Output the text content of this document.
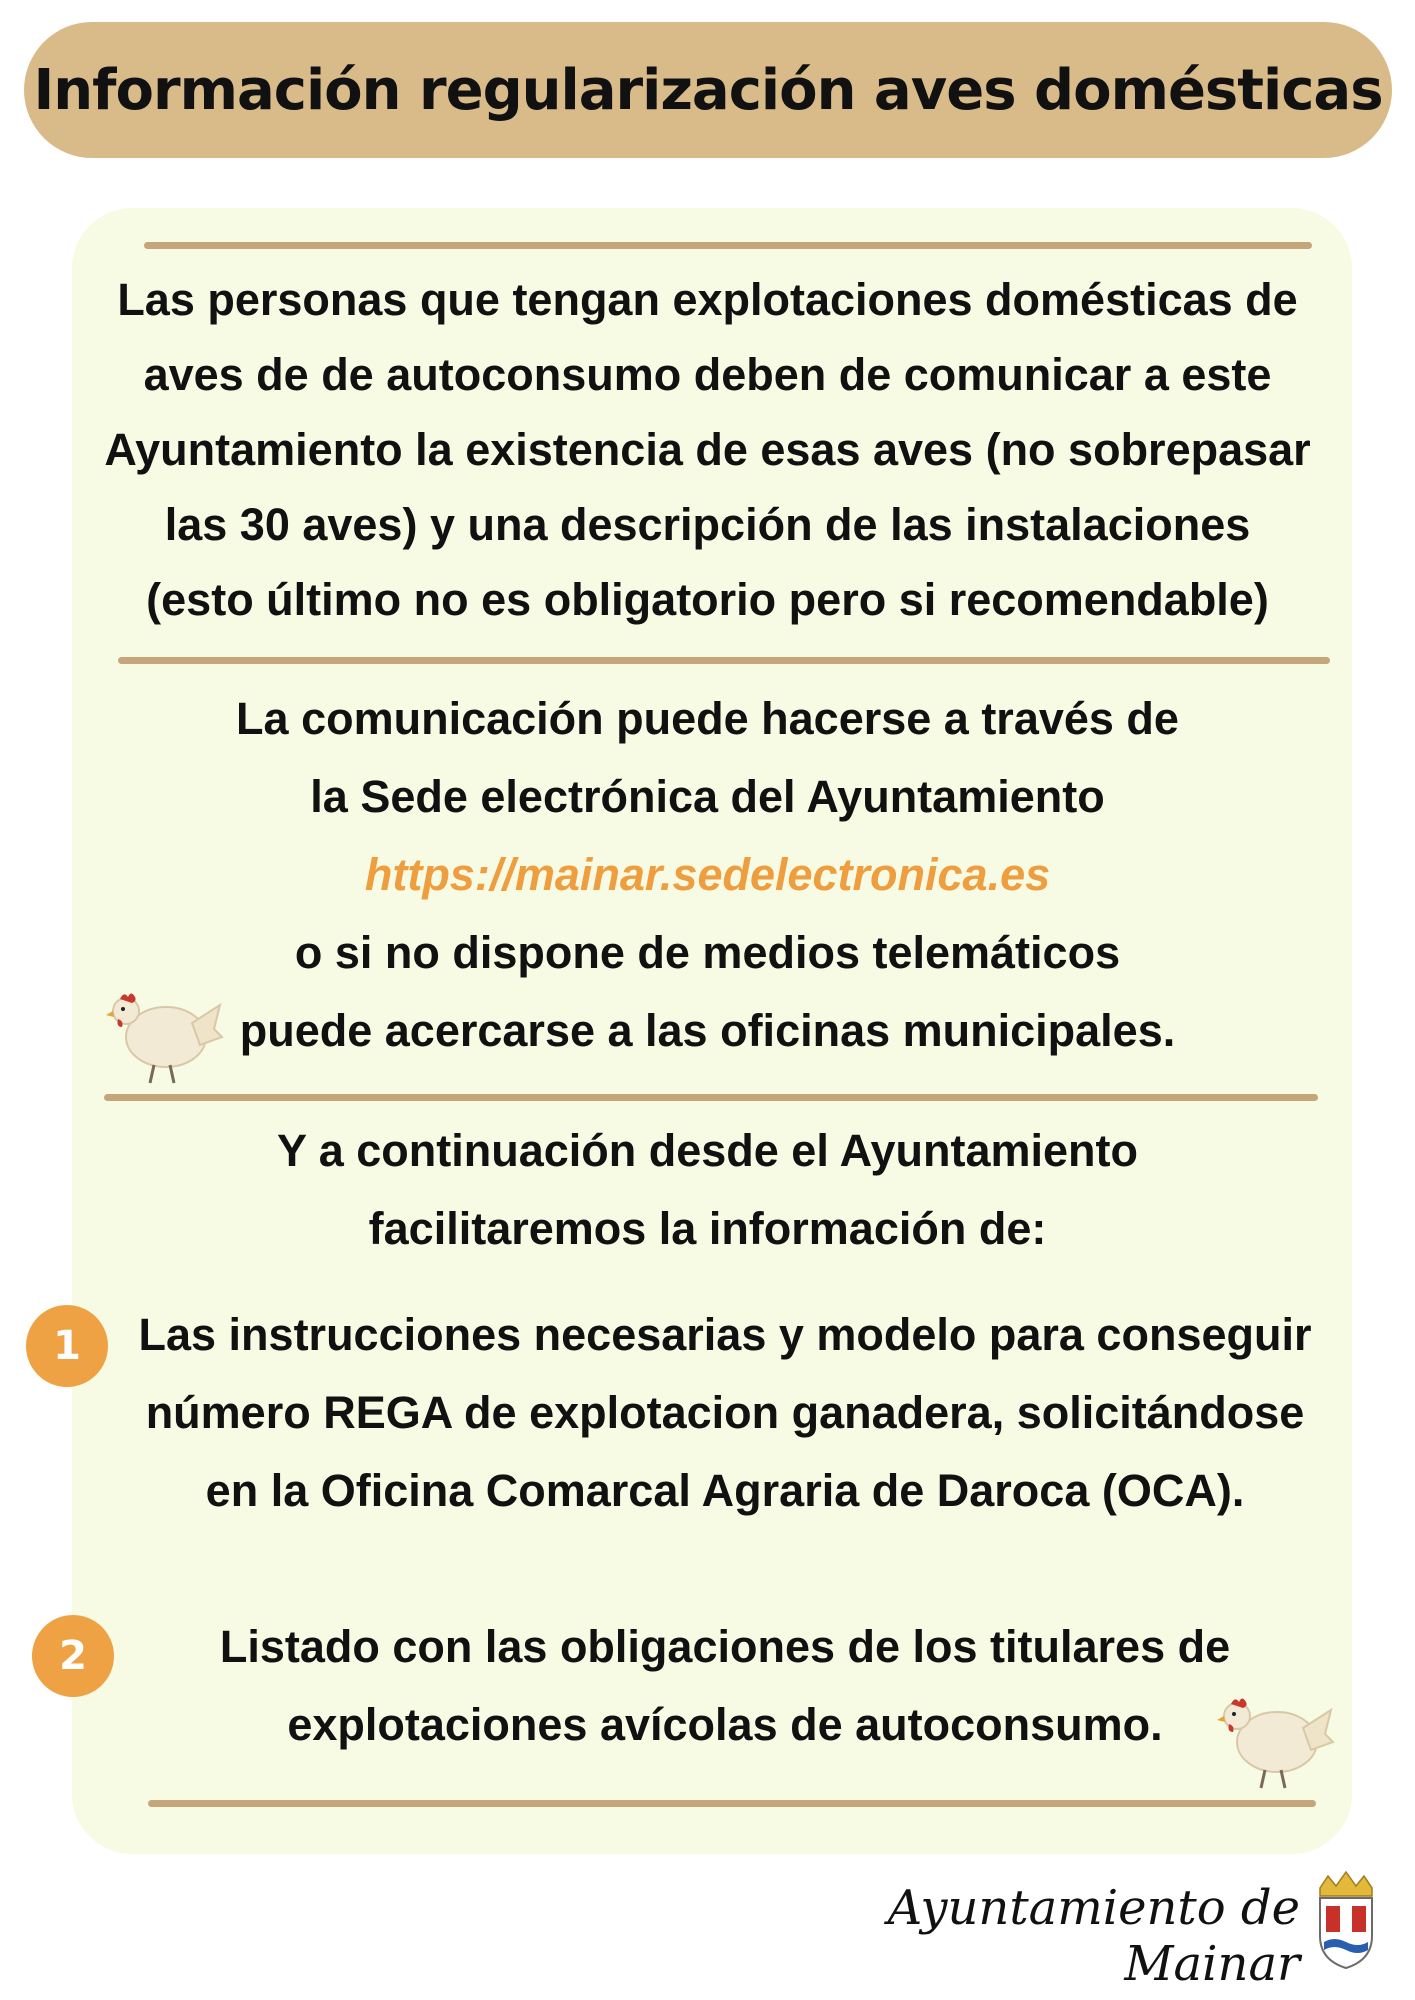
Información regularización aves domésticas

Las personas que tengan explotaciones domésticas de

aves de de autoconsumo deben de comunicar a este

Ayuntamiento la existencia de esas aves (no sobrepasar

las 30 aves) y una descripción de las instalaciones

(esto último no es obligatorio pero si recomendable)

La comunicación puede hacerse a través de

la Sede electrónica del Ayuntamiento

https://mainar.sedelectronica.es

o si no dispone de medios telemáticos

puede acercarse a las oficinas municipales.

Y a continuación desde el Ayuntamiento

facilitaremos la información de:

1	Las instrucciones necesarias y modelo para conseguir
número REGA de explotacion ganadera, solicitándose
en la Oficina Comarcal Agraria de Daroca (OCA).
2	Listado con las obligaciones de los titulares de
explotaciones avícolas de autoconsumo.
Ayuntamiento de Mainar
